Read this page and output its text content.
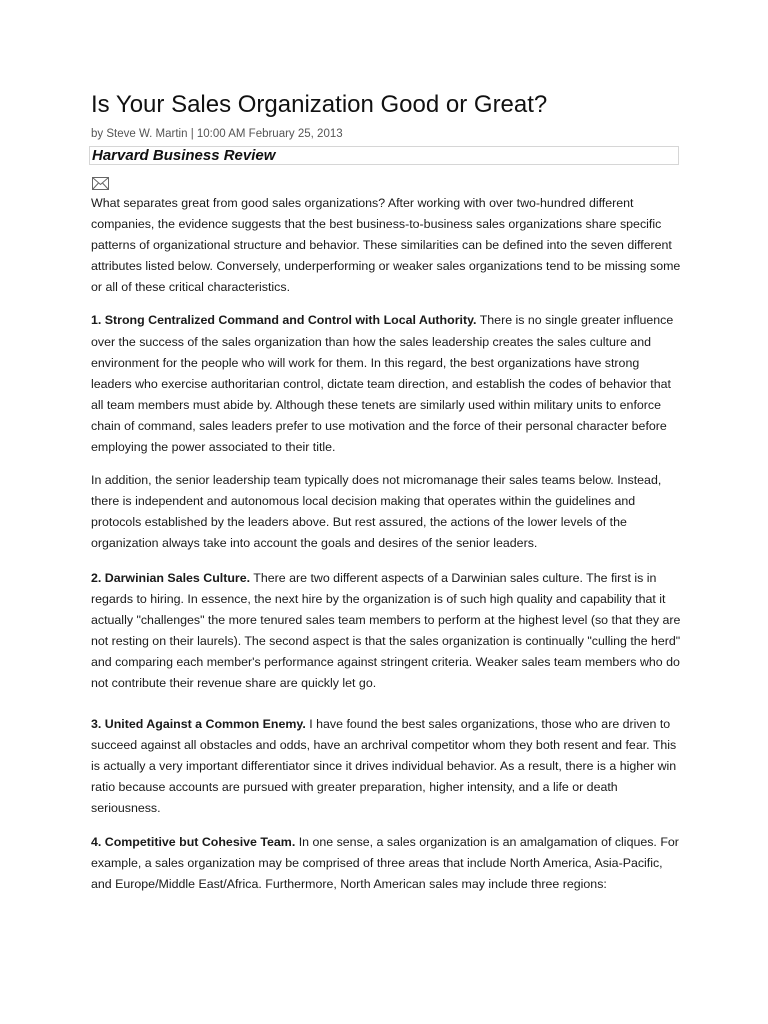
Is Your Sales Organization Good or Great?
by Steve W. Martin | 10:00 AM February 25, 2013
Harvard Business Review

What separates great from good sales organizations? After working with over two-hundred different companies, the evidence suggests that the best business-to-business sales organizations share specific patterns of organizational structure and behavior. These similarities can be defined into the seven different attributes listed below. Conversely, underperforming or weaker sales organizations tend to be missing some or all of these critical characteristics.

1. Strong Centralized Command and Control with Local Authority. There is no single greater influence over the success of the sales organization than how the sales leadership creates the sales culture and environment for the people who will work for them. In this regard, the best organizations have strong leaders who exercise authoritarian control, dictate team direction, and establish the codes of behavior that all team members must abide by. Although these tenets are similarly used within military units to enforce chain of command, sales leaders prefer to use motivation and the force of their personal character before employing the power associated to their title.

In addition, the senior leadership team typically does not micromanage their sales teams below. Instead, there is independent and autonomous local decision making that operates within the guidelines and protocols established by the leaders above. But rest assured, the actions of the lower levels of the organization always take into account the goals and desires of the senior leaders.

2. Darwinian Sales Culture. There are two different aspects of a Darwinian sales culture. The first is in regards to hiring. In essence, the next hire by the organization is of such high quality and capability that it actually "challenges" the more tenured sales team members to perform at the highest level (so that they are not resting on their laurels). The second aspect is that the sales organization is continually "culling the herd" and comparing each member's performance against stringent criteria. Weaker sales team members who do not contribute their revenue share are quickly let go.

3. United Against a Common Enemy. I have found the best sales organizations, those who are driven to succeed against all obstacles and odds, have an archrival competitor whom they both resent and fear. This is actually a very important differentiator since it drives individual behavior. As a result, there is a higher win ratio because accounts are pursued with greater preparation, higher intensity, and a life or death seriousness.

4. Competitive but Cohesive Team. In one sense, a sales organization is an amalgamation of cliques. For example, a sales organization may be comprised of three areas that include North America, Asia-Pacific, and Europe/Middle East/Africa. Furthermore, North American sales may include three regions:
